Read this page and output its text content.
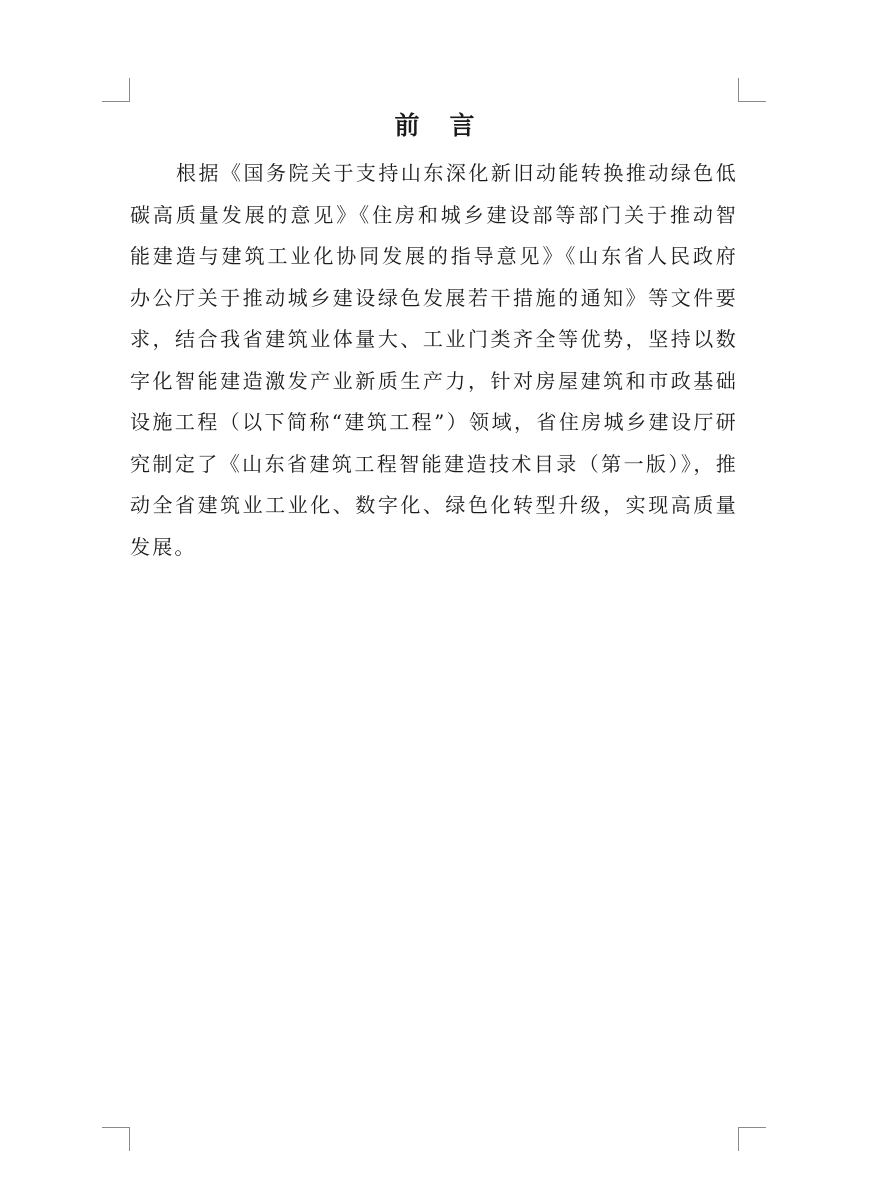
前言

根据《国务院关于支持山东深化新旧动能转换推动绿色低碳高质量发展的意见》《住房和城乡建设部等部门关于推动智能建造与建筑工业化协同发展的指导意见》《山东省人民政府办公厅关于推动城乡建设绿色发展若干措施的通知》等文件要求，结合我省建筑业体量大、工业门类齐全等优势，坚持以数字化智能建造激发产业新质生产力，针对房屋建筑和市政基础设施工程（以下简称“建筑工程”）领域，省住房城乡建设厅研究制定了《山东省建筑工程智能建造技术目录（第一版）》，推动全省建筑业工业化、数字化、绿色化转型升级，实现高质量发展。
